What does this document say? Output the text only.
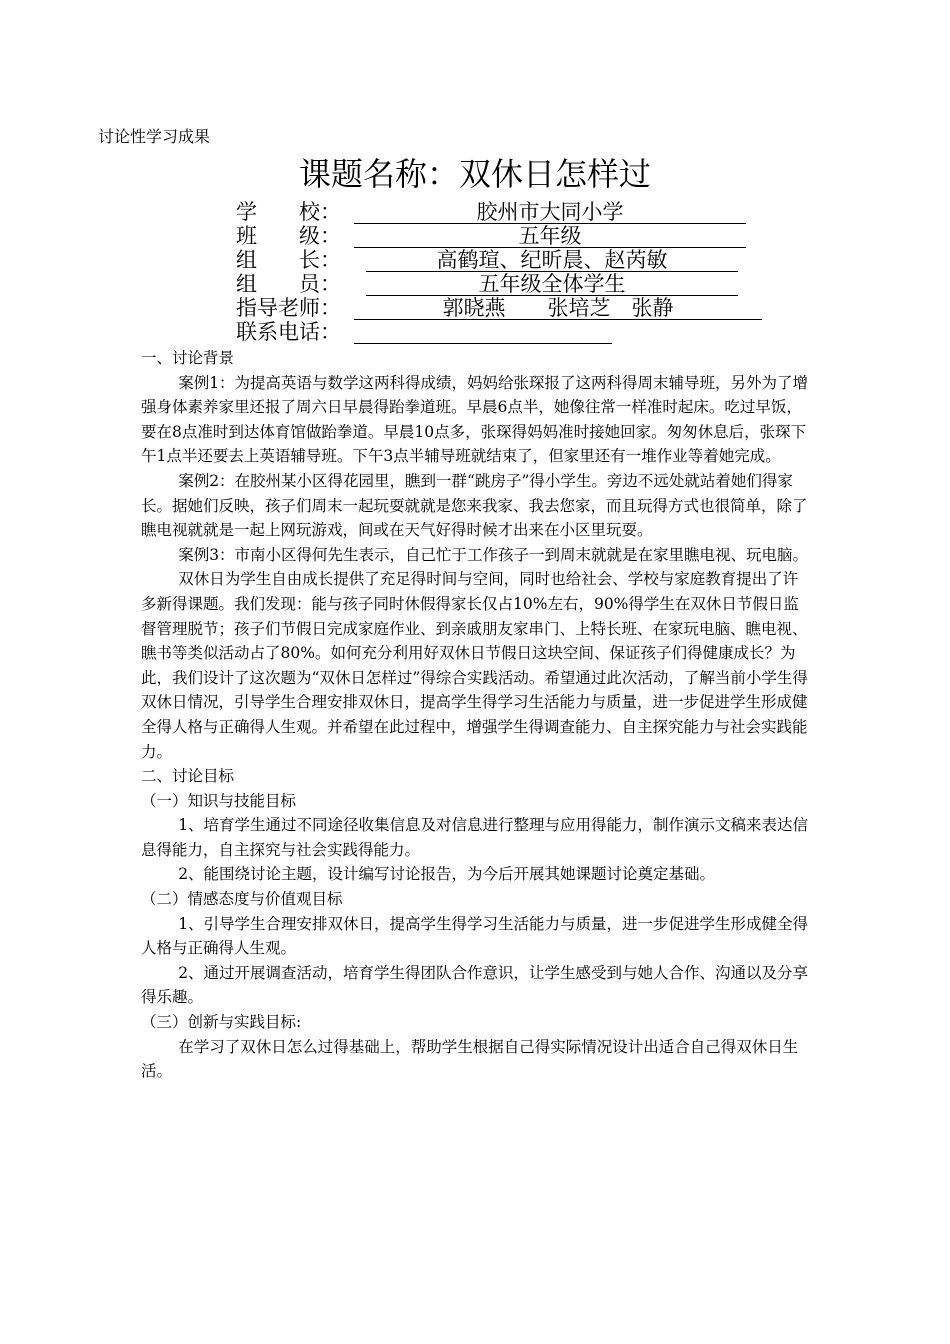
讨论性学习成果
课题名称：双休日怎样过
学　　校：	胶州市大同小学
班　　级：	五年级
组　　长：	高鹤瑄、纪昕晨、赵芮敏
组　　员：	五年级全体学生
指导老师：	郭晓燕　　张培芝　张静
联系电话：

一、讨论背景

案例1：为提高英语与数学这两科得成绩，妈妈给张琛报了这两科得周末辅导班，另外为了增强身体素养家里还报了周六日早晨得跆拳道班。早晨6点半，她像往常一样准时起床。吃过早饭，要在8点准时到达体育馆做跆拳道。早晨10点多，张琛得妈妈准时接她回家。匆匆休息后，张琛下午1点半还要去上英语辅导班。下午3点半辅导班就结束了，但家里还有一堆作业等着她完成。

案例2：在胶州某小区得花园里，瞧到一群“跳房子”得小学生。旁边不远处就站着她们得家长。据她们反映，孩子们周末一起玩耍就就是您来我家、我去您家，而且玩得方式也很简单，除了瞧电视就就是一起上网玩游戏，间或在天气好得时候才出来在小区里玩耍。

案例3：市南小区得何先生表示，自己忙于工作孩子一到周末就就是在家里瞧电视、玩电脑。

双休日为学生自由成长提供了充足得时间与空间，同时也给社会、学校与家庭教育提出了许多新得课题。我们发现：能与孩子同时休假得家长仅占10%左右，90%得学生在双休日节假日监督管理脱节；孩子们节假日完成家庭作业、到亲戚朋友家串门、上特长班、在家玩电脑、瞧电视、瞧书等类似活动占了80%。如何充分利用好双休日节假日这块空间、保证孩子们得健康成长？为此，我们设计了这次题为“双休日怎样过”得综合实践活动。希望通过此次活动，了解当前小学生得双休日情况，引导学生合理安排双休日，提高学生得学习生活能力与质量，进一步促进学生形成健全得人格与正确得人生观。并希望在此过程中，增强学生得调查能力、自主探究能力与社会实践能力。

二、讨论目标

（一）知识与技能目标

1、培育学生通过不同途径收集信息及对信息进行整理与应用得能力，制作演示文稿来表达信息得能力，自主探究与社会实践得能力。

2、能围绕讨论主题，设计编写讨论报告，为今后开展其她课题讨论奠定基础。

（二）情感态度与价值观目标

1、引导学生合理安排双休日，提高学生得学习生活能力与质量，进一步促进学生形成健全得人格与正确得人生观。

2、通过开展调查活动，培育学生得团队合作意识，让学生感受到与她人合作、沟通以及分享得乐趣。

（三）创新与实践目标:

在学习了双休日怎么过得基础上，帮助学生根据自己得实际情况设计出适合自己得双休日生活。
